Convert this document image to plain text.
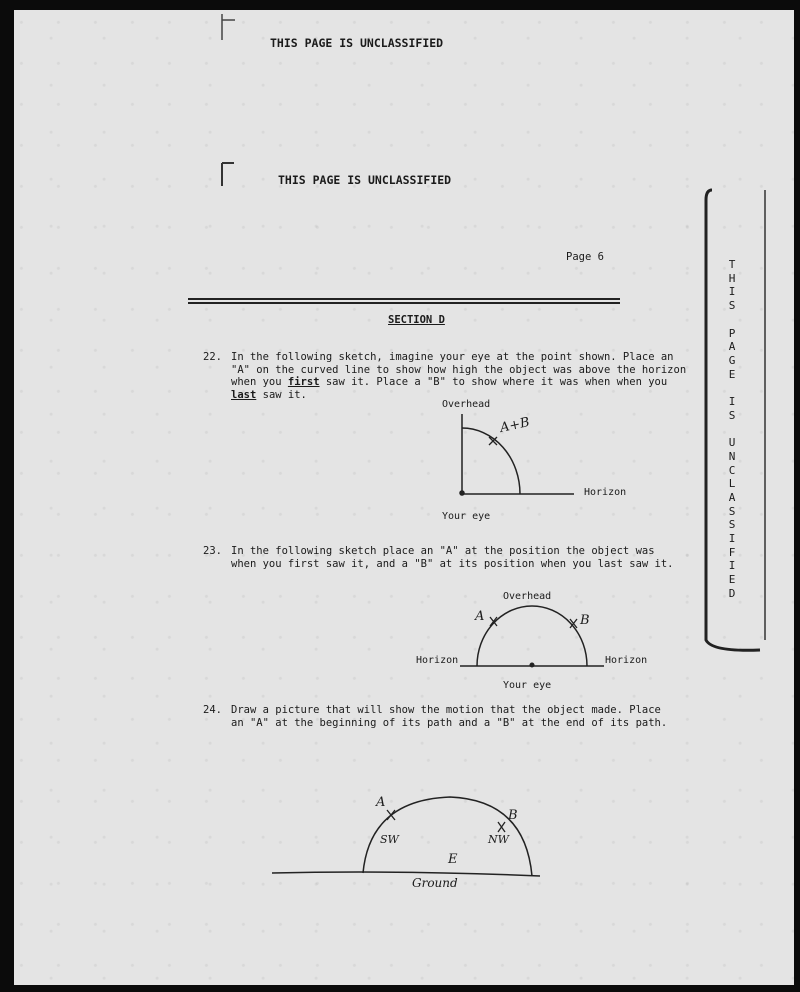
THIS PAGE IS UNCLASSIFIED
THIS PAGE IS UNCLASSIFIED
Page 6
T
H
I
S

P
A
G
E

I
S

U
N
C
L
A
S
S
I
F
I
E
D
SECTION D
22. In the following sketch, imagine your eye at the point shown. Place an
"A" on the curved line to show how high the object was above the horizon
when you first saw it. Place a "B" to show where it was when when you
last saw it.
Overhead
Horizon
Your eye
A+B
23. In the following sketch place an "A" at the position the object was
when you first saw it, and a "B" at its position when you last saw it.
Overhead
Horizon	Horizon
Your eye
A	B
24. Draw a picture that will show the motion that the object made. Place
an "A" at the beginning of its path and a "B" at the end of its path.
A
B
SW	NW
E
Ground
